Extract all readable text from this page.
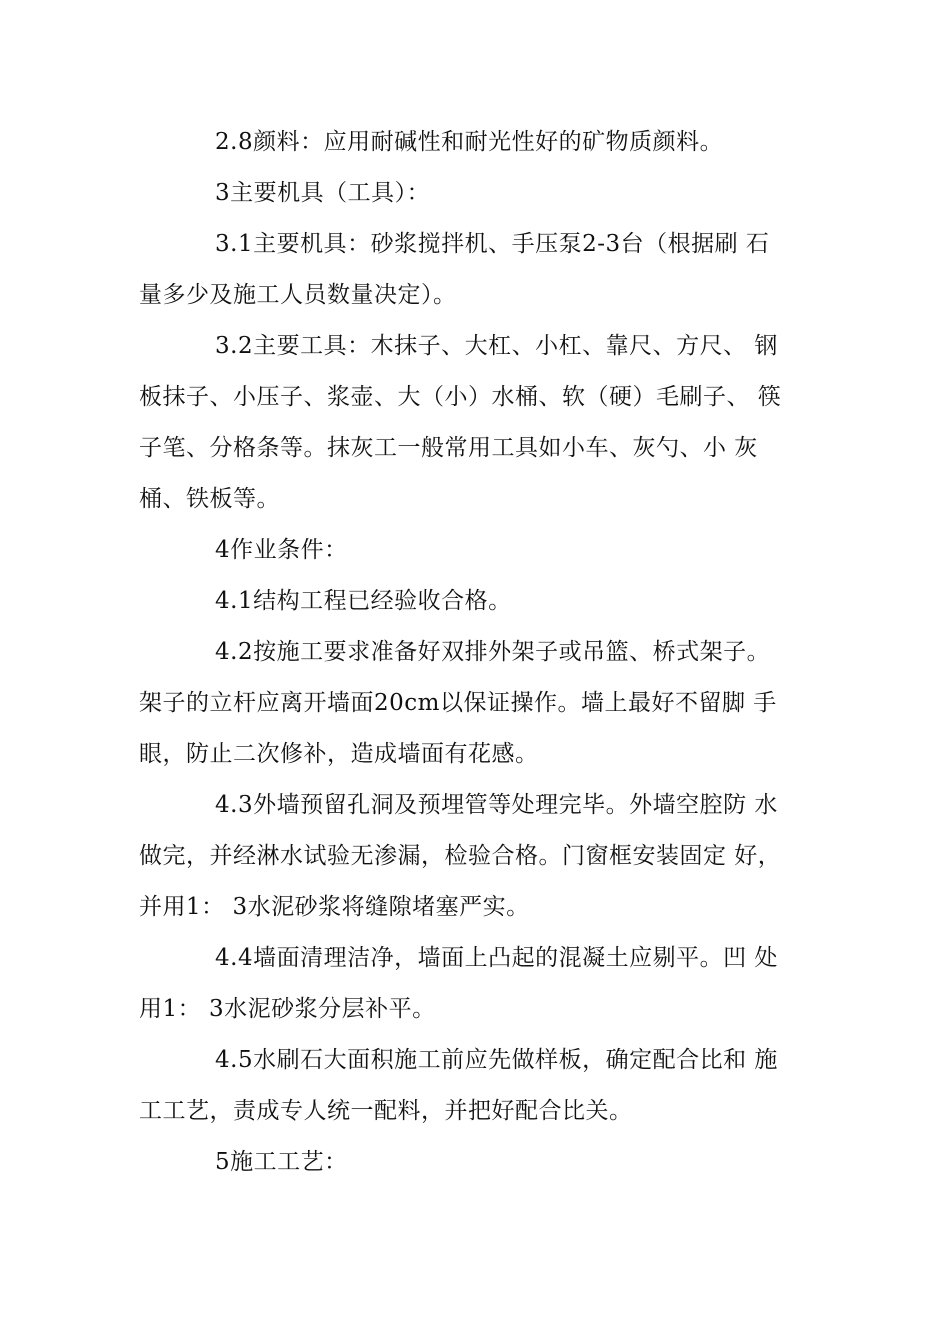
2.8颜料：应用耐碱性和耐光性好的矿物质颜料。

3主要机具（工具）：

3.1主要机具：砂浆搅拌机、手压泵2-3台（根据刷 石
量多少及施工人员数量决定）。

3.2主要工具：木抹子、大杠、小杠、靠尺、方尺、 钢
板抹子、小压子、浆壶、大（小）水桶、软（硬）毛刷子、 筷
子笔、分格条等。抹灰工一般常用工具如小车、灰勺、小 灰
桶、铁板等。

4作业条件：

4.1结构工程已经验收合格。

4.2按施工要求准备好双排外架子或吊篮、桥式架子。
架子的立杆应离开墙面20cm以保证操作。墙上最好不留脚 手
眼，防止二次修补，造成墙面有花感。

4.3外墙预留孔洞及预埋管等处理完毕。外墙空腔防 水
做完，并经淋水试验无渗漏，检验合格。门窗框安装固定 好，
并用1： 3水泥砂浆将缝隙堵塞严实。

4.4墙面清理洁净，墙面上凸起的混凝土应剔平。凹 处
用1： 3水泥砂浆分层补平。

4.5水刷石大面积施工前应先做样板，确定配合比和 施
工工艺，责成专人统一配料，并把好配合比关。

5施工工艺：
